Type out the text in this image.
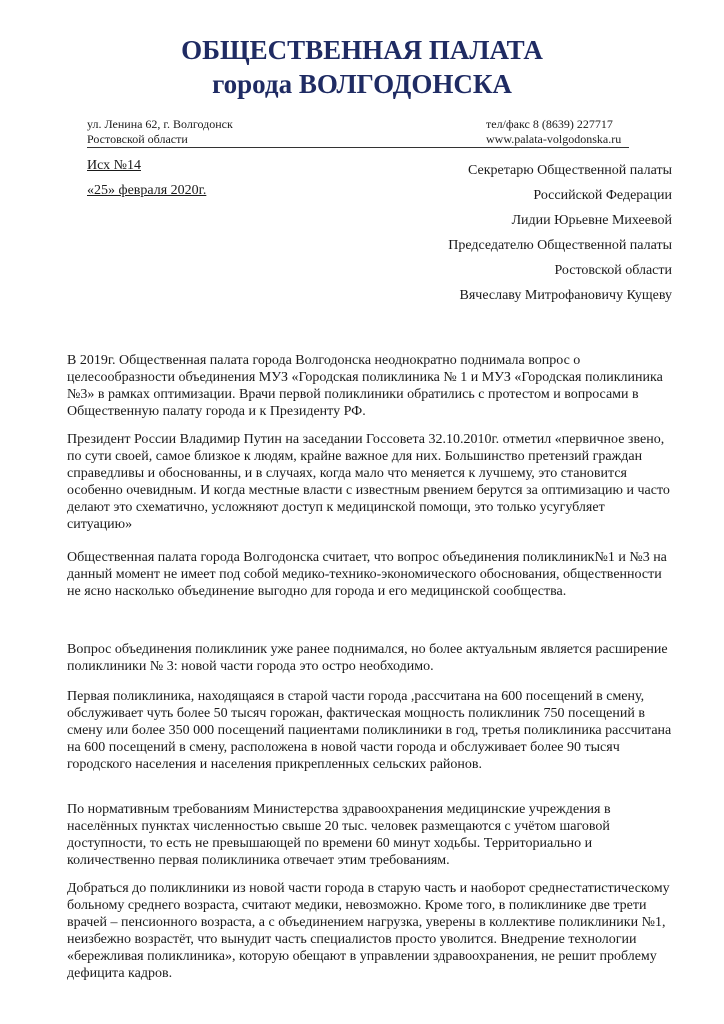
ОБЩЕСТВЕННАЯ ПАЛАТА
города ВОЛГОДОНСКА
ул. Ленина 62, г. Волгодонск
Ростовской области
тел/факс 8 (8639) 227717
www.palata-volgodonska.ru
Исх №14
«25» февраля 2020г.
Секретарю Общественной палаты
Российской Федерации
Лидии Юрьевне Михеевой
Председателю Общественной палаты
Ростовской области
Вячеславу Митрофановичу Кущеву

В 2019г. Общественная палата города Волгодонска неоднократно поднимала вопрос о целесообразности объединения МУЗ «Городская поликлиника № 1 и МУЗ «Городская поликлиника №3» в рамках оптимизации. Врачи первой поликлиники обратились с протестом и вопросами в Общественную палату города и к Президенту РФ.

Президент России Владимир Путин на заседании Госсовета 32.10.2010г. отметил «первичное звено, по сути своей, самое близкое к людям, крайне важное для них. Большинство претензий граждан справедливы и обоснованны, и в случаях, когда мало что меняется к лучшему, это становится особенно очевидным. И когда местные власти с известным рвением берутся за оптимизацию и часто делают это схематично, усложняют доступ к медицинской помощи, это только усугубляет ситуацию»

Общественная палата города Волгодонска считает, что вопрос объединения поликлиник№1 и №3 на данный момент не имеет под собой медико-технико-экономического обоснования, общественности не ясно насколько объединение выгодно для города и его медицинской сообщества.

Вопрос объединения поликлиник уже ранее поднимался, но более актуальным является расширение поликлиники № 3: новой части города это остро необходимо.

Первая поликлиника, находящаяся в старой части города ,рассчитана на 600 посещений в смену, обслуживает чуть более 50 тысяч горожан, фактическая мощность поликлиник 750 посещений в смену или более 350 000 посещений пациентами поликлиники в год, третья поликлиника рассчитана на 600 посещений в смену, расположена в новой части города и обслуживает более 90 тысяч городского населения и населения прикрепленных сельских районов.

По нормативным требованиям Министерства здравоохранения медицинские учреждения в населённых пунктах численностью свыше 20 тыс. человек размещаются с учётом шаговой доступности, то есть не превышающей по времени 60 минут ходьбы. Территориально и количественно первая поликлиника отвечает этим требованиям.

Добраться до поликлиники из новой части города в старую часть и наоборот среднестатистическому больному среднего возраста, считают медики, невозможно. Кроме того, в поликлинике две трети врачей – пенсионного возраста, а с объединением нагрузка, уверены в коллективе поликлиники №1, неизбежно возрастёт, что вынудит часть специалистов просто уволится. Внедрение технологии «бережливая поликлиника», которую обещают в управлении здравоохранения, не решит проблему дефицита кадров.
